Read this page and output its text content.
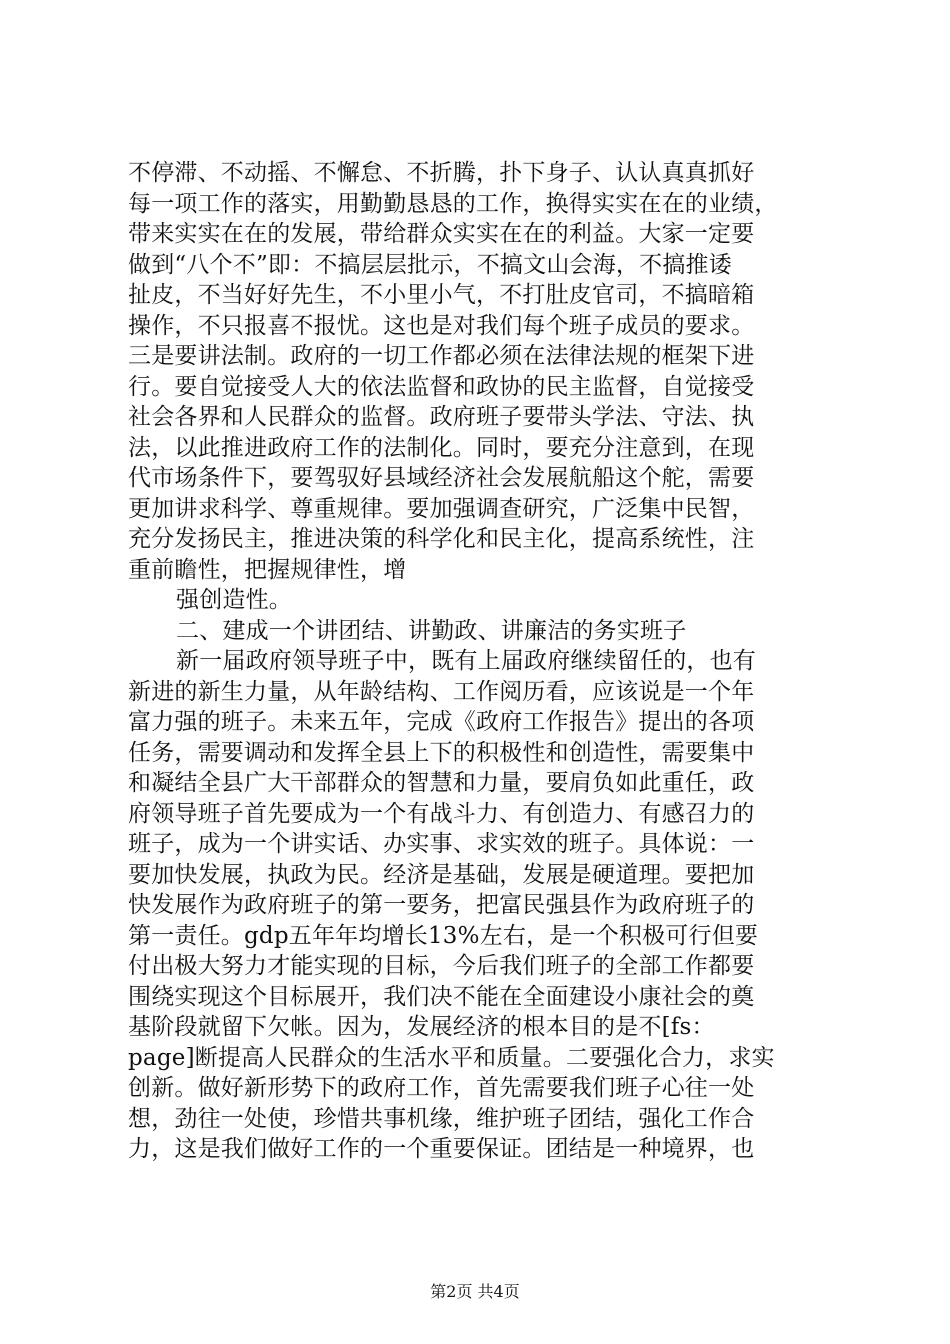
不停滞、不动摇、不懈怠、不折腾，扑下身子、认认真真抓好
每一项工作的落实，用勤勤恳恳的工作，换得实实在在的业绩，
带来实实在在的发展，带给群众实实在在的利益。大家一定要
做到“八个不”即：不搞层层批示，不搞文山会海，不搞推诿
扯皮，不当好好先生，不小里小气，不打肚皮官司，不搞暗箱
操作，不只报喜不报忧。这也是对我们每个班子成员的要求。
三是要讲法制。政府的一切工作都必须在法律法规的框架下进
行。要自觉接受人大的依法监督和政协的民主监督，自觉接受
社会各界和人民群众的监督。政府班子要带头学法、守法、执
法，以此推进政府工作的法制化。同时，要充分注意到，在现
代市场条件下，要驾驭好县域经济社会发展航船这个舵，需要
更加讲求科学、尊重规律。要加强调查研究，广泛集中民智，
充分发扬民主，推进决策的科学化和民主化，提高系统性，注
重前瞻性，把握规律性，增
强创造性。
二、建成一个讲团结、讲勤政、讲廉洁的务实班子
新一届政府领导班子中，既有上届政府继续留任的，也有
新进的新生力量，从年龄结构、工作阅历看，应该说是一个年
富力强的班子。未来五年，完成《政府工作报告》提出的各项
任务，需要调动和发挥全县上下的积极性和创造性，需要集中
和凝结全县广大干部群众的智慧和力量，要肩负如此重任，政
府领导班子首先要成为一个有战斗力、有创造力、有感召力的
班子，成为一个讲实话、办实事、求实效的班子。具体说：一
要加快发展，执政为民。经济是基础，发展是硬道理。要把加
快发展作为政府班子的第一要务，把富民强县作为政府班子的
第一责任。gdp五年年均增长13%左右，是一个积极可行但要
付出极大努力才能实现的目标，今后我们班子的全部工作都要
围绕实现这个目标展开，我们决不能在全面建设小康社会的奠
基阶段就留下欠帐。因为，发展经济的根本目的是不[fs：
page]断提高人民群众的生活水平和质量。二要强化合力，求实
创新。做好新形势下的政府工作，首先需要我们班子心往一处
想，劲往一处使，珍惜共事机缘，维护班子团结，强化工作合
力，这是我们做好工作的一个重要保证。团结是一种境界，也
第2页 共4页
